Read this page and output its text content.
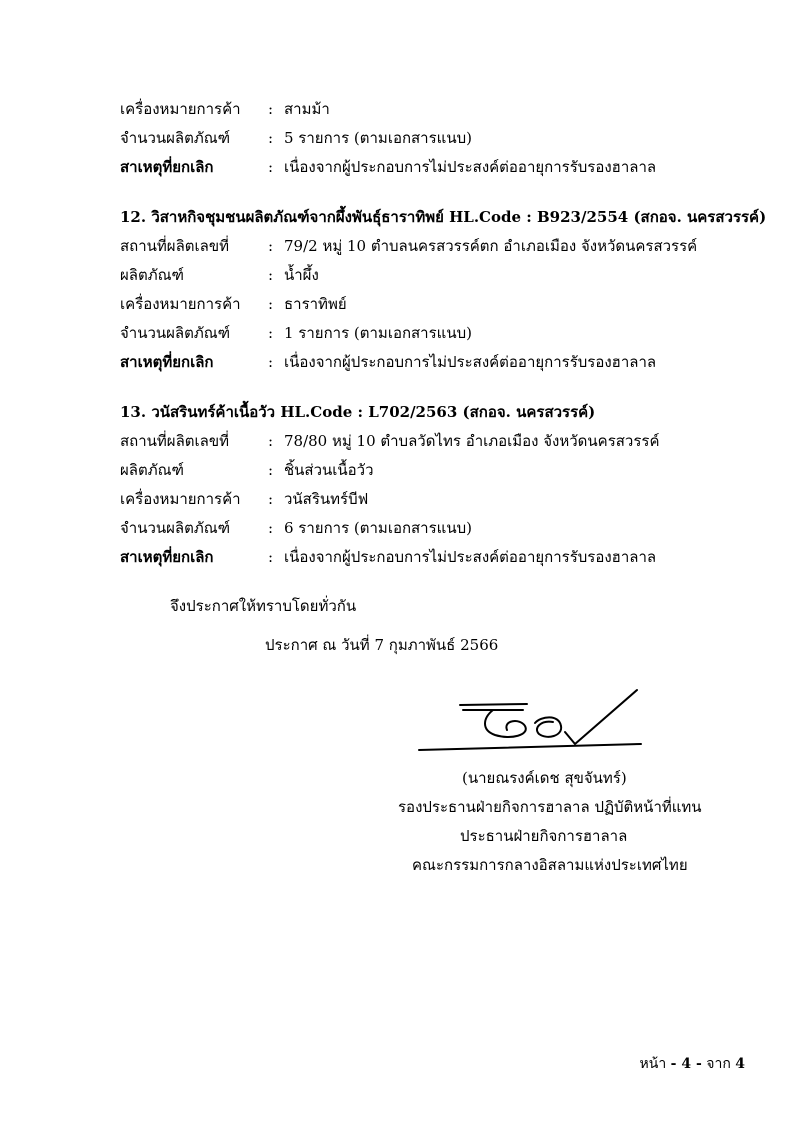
เครื่องหมายการค้า : สามม้า
จำนวนผลิตภัณฑ์	: 5 รายการ (ตามเอกสารแนบ)
สาเหตุที่ยกเลิก	: เนื่องจากผู้ประกอบการไม่ประสงค์ต่ออายุการรับรองฮาลาล
12. วิสาหกิจชุมชนผลิตภัณฑ์จากผึ้งพันธุ์ธาราทิพย์ HL.Code : B923/2554 (สกอจ. นครสวรรค์)
สถานที่ผลิตเลขที่	: 79/2 หมู่ 10 ตำบลนครสวรรค์ตก อำเภอเมือง จังหวัดนครสวรรค์
ผลิตภัณฑ์	: น้ำผึ้ง
เครื่องหมายการค้า : ธาราทิพย์
จำนวนผลิตภัณฑ์	: 1 รายการ (ตามเอกสารแนบ)
สาเหตุที่ยกเลิก	: เนื่องจากผู้ประกอบการไม่ประสงค์ต่ออายุการรับรองฮาลาล
13. วนัสรินทร์ค้าเนื้อวัว HL.Code : L702/2563 (สกอจ. นครสวรรค์)
สถานที่ผลิตเลขที่	: 78/80 หมู่ 10 ตำบลวัดไทร อำเภอเมือง จังหวัดนครสวรรค์
ผลิตภัณฑ์	: ชิ้นส่วนเนื้อวัว
เครื่องหมายการค้า : วนัสรินทร์บีฟ
จำนวนผลิตภัณฑ์	: 6 รายการ (ตามเอกสารแนบ)
สาเหตุที่ยกเลิก	: เนื่องจากผู้ประกอบการไม่ประสงค์ต่ออายุการรับรองฮาลาล
จึงประกาศให้ทราบโดยทั่วกัน
ประกาศ ณ วันที่ 7 กุมภาพันธ์ 2566
(นายณรงค์เดช สุขจันทร์)
รองประธานฝ่ายกิจการฮาลาล ปฏิบัติหน้าที่แทน
ประธานฝ่ายกิจการฮาลาล
คณะกรรมการกลางอิสลามแห่งประเทศไทย
หน้า - 4 - จาก 4
